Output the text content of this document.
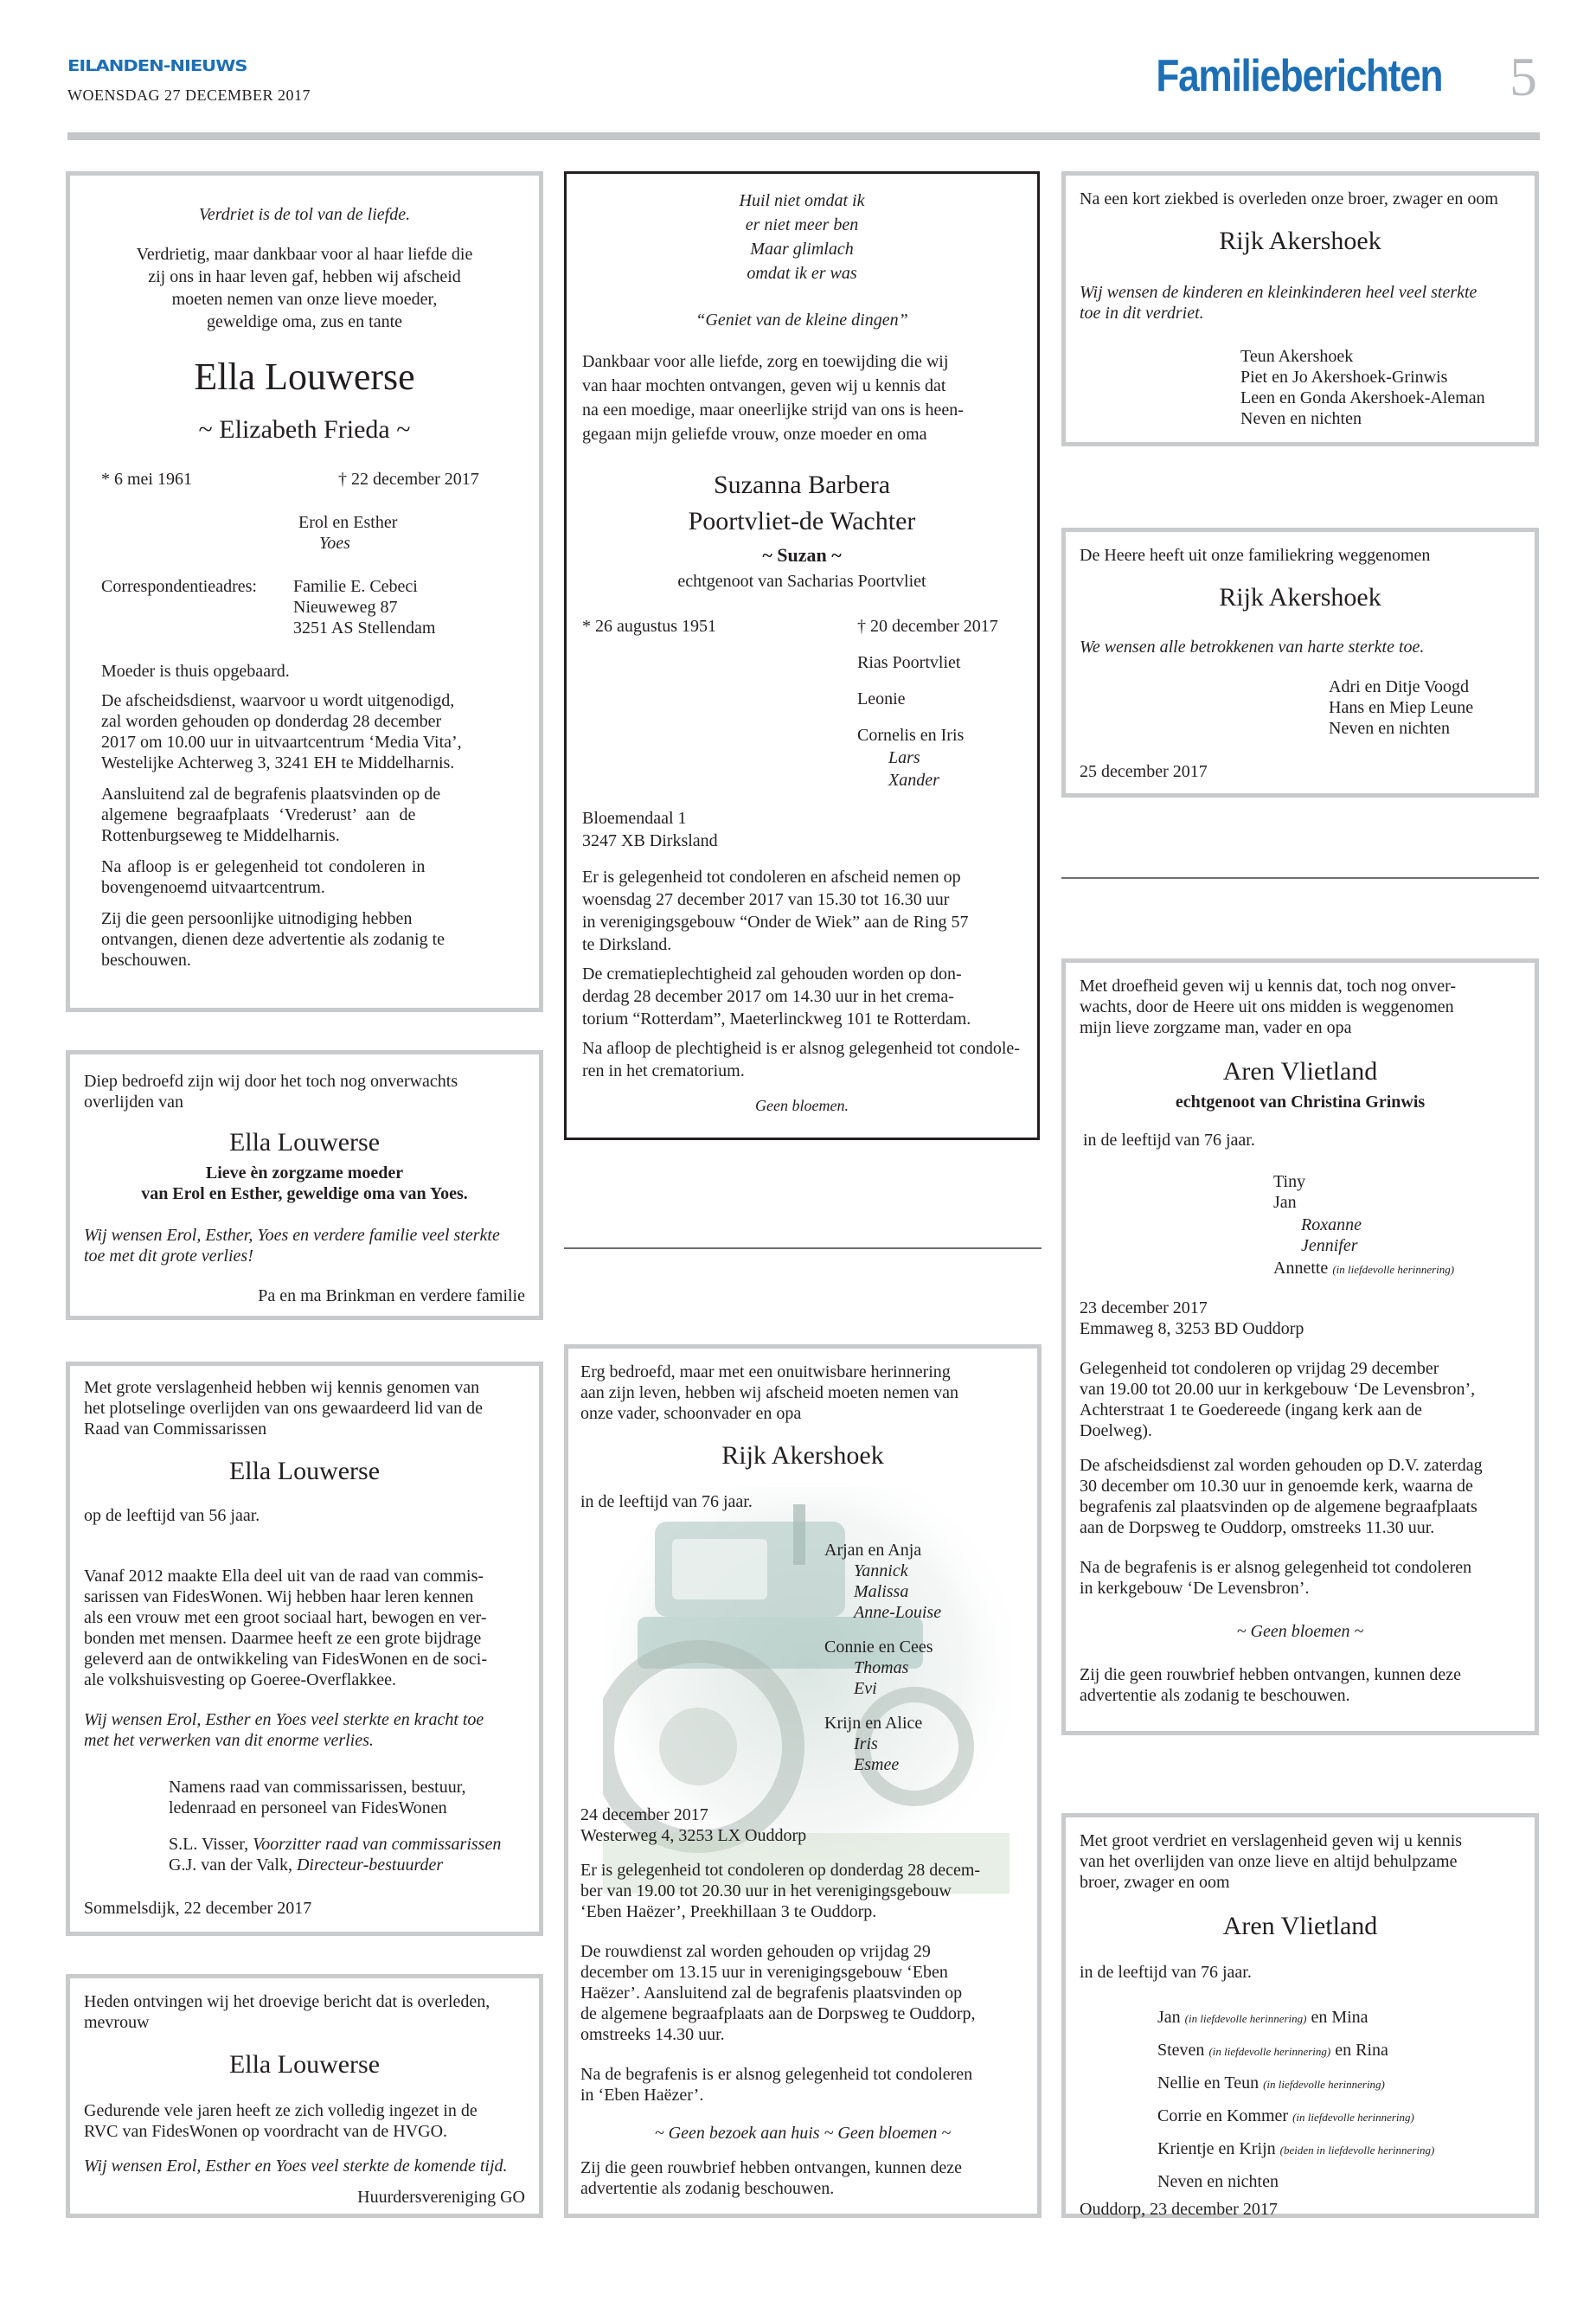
EILANDEN-NIEUWS
WOENSDAG 27 DECEMBER 2017	Familieberichten 5
Verdriet is de tol van de liefde.
Verdrietig, maar dankbaar voor al haar liefde die
zij ons in haar leven gaf, hebben wij afscheid
moeten nemen van onze lieve moeder,
geweldige oma, zus en tante
Ella Louwerse
~ Elizabeth Frieda ~
* 6 mei 1961	† 22 december 2017
Erol en Esther
Yoes
Correspondentieadres: Familie E. Cebeci
Nieuweweg 87
3251 AS Stellendam
Moeder is thuis opgebaard.
De afscheidsdienst, waarvoor u wordt uitgenodigd,
zal worden gehouden op donderdag 28 december
2017 om 10.00 uur in uitvaartcentrum ‘Media Vita’,
Westelijke Achterweg 3, 3241 EH te Middelharnis.
Aansluitend zal de begrafenis plaatsvinden op de
algemene begraafplaats ‘Vrederust’ aan de
Rottenburgseweg te Middelharnis.
Na afloop is er gelegenheid tot condoleren in
bovengenoemd uitvaartcentrum.
Zij die geen persoonlijke uitnodiging hebben
ontvangen, dienen deze advertentie als zodanig te
beschouwen.
Diep bedroefd zijn wij door het toch nog onverwachts
overlijden van
Ella Louwerse
Lieve èn zorgzame moeder
van Erol en Esther, geweldige oma van Yoes.
Wij wensen Erol, Esther, Yoes en verdere familie veel sterkte
toe met dit grote verlies!
Pa en ma Brinkman en verdere familie
Met grote verslagenheid hebben wij kennis genomen van
het plotselinge overlijden van ons gewaardeerd lid van de
Raad van Commissarissen
Ella Louwerse
op de leeftijd van 56 jaar.
Vanaf 2012 maakte Ella deel uit van de raad van commis-
sarissen van FidesWonen. Wij hebben haar leren kennen
als een vrouw met een groot sociaal hart, bewogen en ver-
bonden met mensen. Daarmee heeft ze een grote bijdrage
geleverd aan de ontwikkeling van FidesWonen en de soci-
ale volkshuisvesting op Goeree-Overflakkee.
Wij wensen Erol, Esther en Yoes veel sterkte en kracht toe
met het verwerken van dit enorme verlies.
Namens raad van commissarissen, bestuur,
ledenraad en personeel van FidesWonen
S.L. Visser, Voorzitter raad van commissarissen
G.J. van der Valk, Directeur-bestuurder
Sommelsdijk, 22 december 2017
Heden ontvingen wij het droevige bericht dat is overleden,
mevrouw
Ella Louwerse
Gedurende vele jaren heeft ze zich volledig ingezet in de
RVC van FidesWonen op voordracht van de HVGO.
Wij wensen Erol, Esther en Yoes veel sterkte de komende tijd.
Huurdersvereniging GO
Huil niet omdat ik
er niet meer ben
Maar glimlach
omdat ik er was
“Geniet van de kleine dingen”
Dankbaar voor alle liefde, zorg en toewijding die wij
van haar mochten ontvangen, geven wij u kennis dat
na een moedige, maar oneerlijke strijd van ons is heen-
gegaan mijn geliefde vrouw, onze moeder en oma
Suzanna Barbera
Poortvliet-de Wachter
~ Suzan ~
echtgenoot van Sacharias Poortvliet
* 26 augustus 1951	† 20 december 2017
Rias Poortvliet
Leonie
Cornelis en Iris
Lars
Xander
Bloemendaal 1
3247 XB Dirksland
Er is gelegenheid tot condoleren en afscheid nemen op
woensdag 27 december 2017 van 15.30 tot 16.30 uur
in verenigingsgebouw “Onder de Wiek” aan de Ring 57
te Dirksland.
De crematieplechtigheid zal gehouden worden op don-
derdag 28 december 2017 om 14.30 uur in het crema-
torium “Rotterdam”, Maeterlinckweg 101 te Rotterdam.
Na afloop de plechtigheid is er alsnog gelegenheid tot condole-
ren in het crematorium.
Geen bloemen.
Erg bedroefd, maar met een onuitwisbare herinnering
aan zijn leven, hebben wij afscheid moeten nemen van
onze vader, schoonvader en opa
Rijk Akershoek
in de leeftijd van 76 jaar.
Arjan en Anja
Yannick
Malissa
Anne-Louise
Connie en Cees
Thomas
Evi
Krijn en Alice
Iris
Esmee
24 december 2017
Westerweg 4, 3253 LX Ouddorp
Er is gelegenheid tot condoleren op donderdag 28 decem-
ber van 19.00 tot 20.30 uur in het verenigingsgebouw
‘Eben Haëzer’, Preekhillaan 3 te Ouddorp.
De rouwdienst zal worden gehouden op vrijdag 29
december om 13.15 uur in verenigingsgebouw ‘Eben
Haëzer’. Aansluitend zal de begrafenis plaatsvinden op
de algemene begraafplaats aan de Dorpsweg te Ouddorp,
omstreeks 14.30 uur.
Na de begrafenis is er alsnog gelegenheid tot condoleren
in ‘Eben Haëzer’.
~ Geen bezoek aan huis ~ Geen bloemen ~
Zij die geen rouwbrief hebben ontvangen, kunnen deze
advertentie als zodanig beschouwen.
Na een kort ziekbed is overleden onze broer, zwager en oom
Rijk Akershoek
Wij wensen de kinderen en kleinkinderen heel veel sterkte
toe in dit verdriet.
Teun Akershoek
Piet en Jo Akershoek-Grinwis
Leen en Gonda Akershoek-Aleman
Neven en nichten
De Heere heeft uit onze familiekring weggenomen
Rijk Akershoek
We wensen alle betrokkenen van harte sterkte toe.
Adri en Ditje Voogd
Hans en Miep Leune
Neven en nichten
25 december 2017
Met droefheid geven wij u kennis dat, toch nog onver-
wachts, door de Heere uit ons midden is weggenomen
mijn lieve zorgzame man, vader en opa
Aren Vlietland
echtgenoot van Christina Grinwis
in de leeftijd van 76 jaar.
Tiny
Jan
Roxanne
Jennifer
Annette (in liefdevolle herinnering)
23 december 2017
Emmaweg 8, 3253 BD Ouddorp
Gelegenheid tot condoleren op vrijdag 29 december
van 19.00 tot 20.00 uur in kerkgebouw ‘De Levensbron’,
Achterstraat 1 te Goedereede (ingang kerk aan de
Doelweg).
De afscheidsdienst zal worden gehouden op D.V. zaterdag
30 december om 10.30 uur in genoemde kerk, waarna de
begrafenis zal plaatsvinden op de algemene begraafplaats
aan de Dorpsweg te Ouddorp, omstreeks 11.30 uur.
Na de begrafenis is er alsnog gelegenheid tot condoleren
in kerkgebouw ‘De Levensbron’.
~ Geen bloemen ~
Zij die geen rouwbrief hebben ontvangen, kunnen deze
advertentie als zodanig te beschouwen.
Met groot verdriet en verslagenheid geven wij u kennis
van het overlijden van onze lieve en altijd behulpzame
broer, zwager en oom
Aren Vlietland
in de leeftijd van 76 jaar.
Jan (in liefdevolle herinnering) en Mina
Steven (in liefdevolle herinnering) en Rina
Nellie en Teun (in liefdevolle herinnering)
Corrie en Kommer (in liefdevolle herinnering)
Krientje en Krijn (beiden in liefdevolle herinnering)
Neven en nichten
Ouddorp, 23 december 2017
